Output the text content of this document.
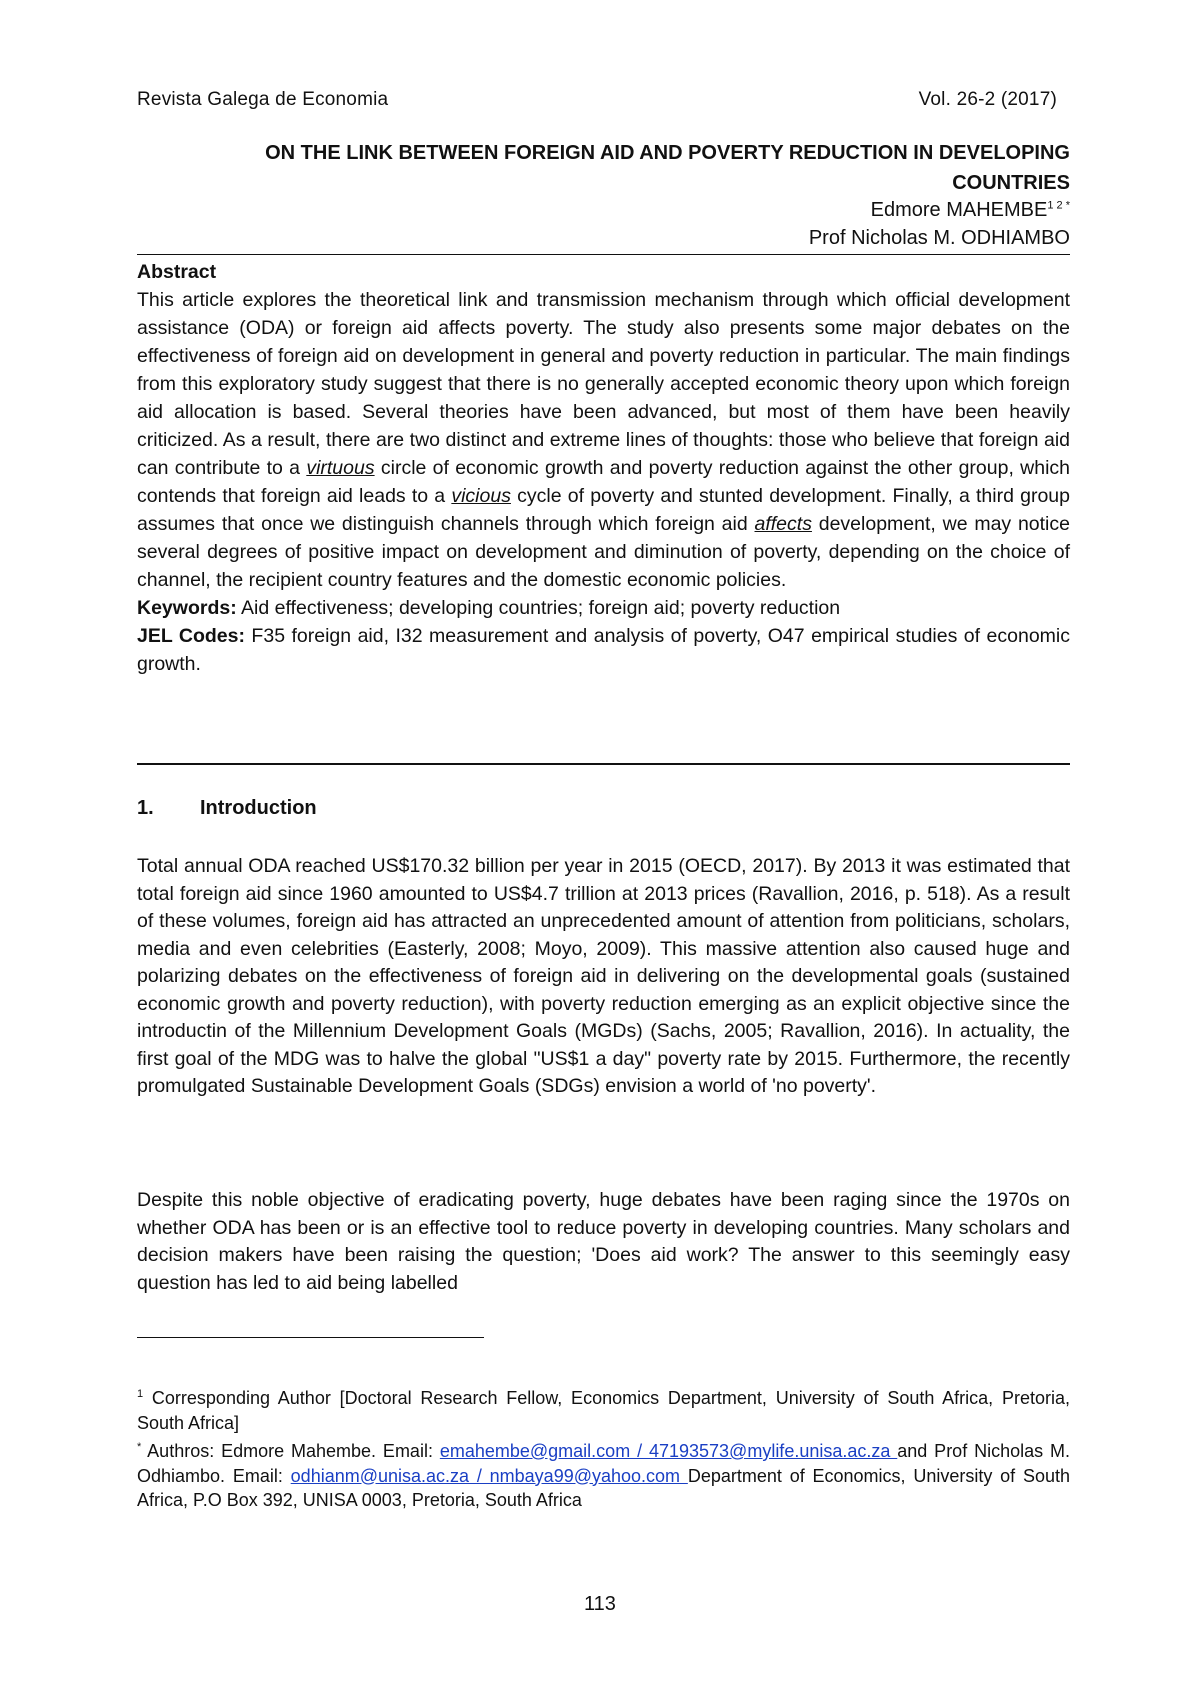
Revista Galega de Economia	Vol. 26-2 (2017)
ON THE LINK BETWEEN FOREIGN AID AND POVERTY REDUCTION IN DEVELOPING
COUNTRIES
Edmore $MAHEMBE^{1 2 *}$
Prof Nicholas M. ODHIAMBO
Abstract

This article explores the theoretical link and transmission mechanism through which official development assistance (ODA) or foreign aid affects poverty. The study also presents some major debates on the effectiveness of foreign aid on development in general and poverty reduction in particular. The main findings from this exploratory study suggest that there is no generally accepted economic theory upon which foreign aid allocation is based. Several theories have been advanced, but most of them have been heavily criticized. As a result, there are two distinct and extreme lines of thoughts: those who believe that foreign aid can contribute to a virtuous circle of economic growth and poverty reduction against the other group, which contends that foreign aid leads to a vicious cycle of poverty and stunted development. Finally, a third group assumes that once we distinguish channels through which foreign aid affects development, we may notice several degrees of positive impact on development and diminution of poverty, depending on the choice of channel, the recipient country features and the domestic economic policies.

Keywords: Aid effectiveness; developing countries; foreign aid; poverty reduction

JEL Codes: F35 foreign aid, I32 measurement and analysis of poverty, O47 empirical studies of economic growth.

1. Introduction

Total annual ODA reached US$170.32 billion per year in 2015 (OECD, 2017). By 2013 it was estimated that total foreign aid since 1960 amounted to US$4.7 trillion at 2013 prices (Ravallion, 2016, p. 518). As a result of these volumes, foreign aid has attracted an unprecedented amount of attention from politicians, scholars, media and even celebrities (Easterly, 2008; Moyo, 2009). This massive attention also caused huge and polarizing debates on the effectiveness of foreign aid in delivering on the developmental goals (sustained economic growth and poverty reduction), with poverty reduction emerging as an explicit objective since the introductin of the Millennium Development Goals (MGDs) (Sachs, 2005; Ravallion, 2016). In actuality, the first goal of the MDG was to halve the global "US$1 a day" poverty rate by 2015. Furthermore, the recently promulgated Sustainable Development Goals (SDGs) envision a world of 'no poverty'.

Despite this noble objective of eradicating poverty, huge debates have been raging since the 1970s on whether ODA has been or is an effective tool to reduce poverty in developing countries. Many scholars and decision makers have been raising the question; 'Does aid work? The answer to this seemingly easy question has led to aid being labelled

$^1$ Corresponding Author [Doctoral Research Fellow, Economics Department, University of South Africa, Pretoria, South Africa]

* Authros: Edmore Mahembe. Email: emahembe@gmail.com / 47193573@mylife.unisa.ac.za and Prof Nicholas M. Odhiambo. Email: odhianm@unisa.ac.za / nmbaya99@yahoo.com Department of Economics, University of South Africa, P.O Box 392, UNISA 0003, Pretoria, South Africa

113
